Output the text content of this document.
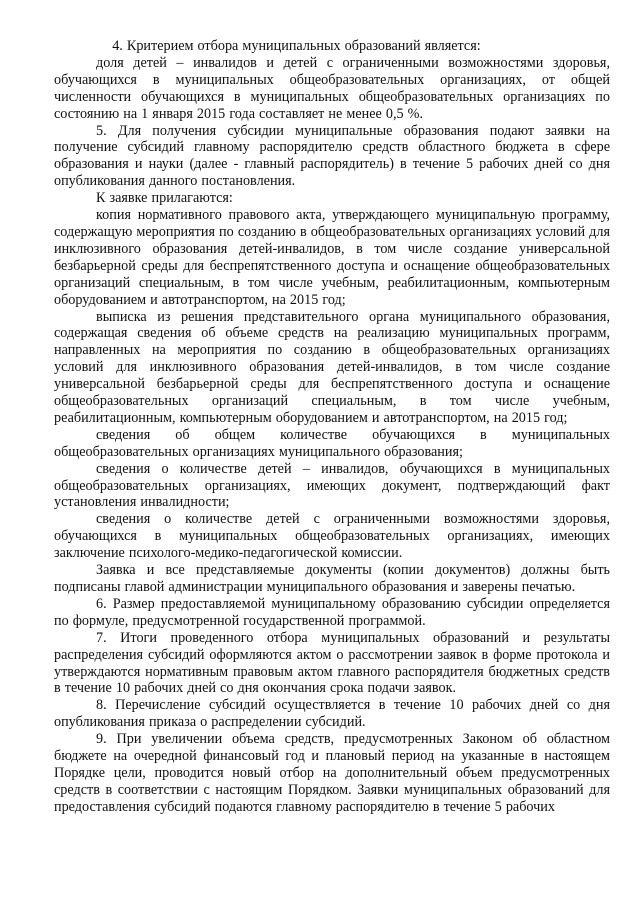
4. Критерием отбора муниципальных образований является:

доля детей – инвалидов и детей с ограниченными возможностями здоровья, обучающихся в муниципальных общеобразовательных организациях, от общей численности обучающихся в муниципальных общеобразовательных организациях по состоянию на 1 января 2015 года составляет не менее 0,5 %.

5. Для получения субсидии муниципальные образования подают заявки на получение субсидий главному распорядителю средств областного бюджета в сфере образования и науки (далее - главный распорядитель) в течение 5 рабочих дней со дня опубликования данного постановления.

К заявке прилагаются:

копия нормативного правового акта, утверждающего муниципальную программу, содержащую мероприятия по созданию в общеобразовательных организациях условий для инклюзивного образования детей-инвалидов, в том числе создание универсальной безбарьерной среды для беспрепятственного доступа и оснащение общеобразовательных организаций специальным, в том числе учебным, реабилитационным, компьютерным оборудованием и автотранспортом, на 2015 год;

выписка из решения представительного органа муниципального образования, содержащая сведения об объеме средств на реализацию муниципальных программ, направленных на мероприятия по созданию в общеобразовательных организациях условий для инклюзивного образования детей-инвалидов, в том числе создание универсальной безбарьерной среды для беспрепятственного доступа и оснащение общеобразовательных организаций специальным, в том числе учебным, реабилитационным, компьютерным оборудованием и автотранспортом, на 2015 год;

сведения об общем количестве обучающихся в муниципальных общеобразовательных организациях муниципального образования;

сведения о количестве детей – инвалидов, обучающихся в муниципальных общеобразовательных организациях, имеющих документ, подтверждающий факт установления инвалидности;

сведения о количестве детей с ограниченными возможностями здоровья, обучающихся в муниципальных общеобразовательных организациях, имеющих заключение психолого-медико-педагогической комиссии.

Заявка и все представляемые документы (копии документов) должны быть подписаны главой администрации муниципального образования и заверены печатью.

6. Размер предоставляемой муниципальному образованию субсидии определяется по формуле, предусмотренной государственной программой.

7. Итоги проведенного отбора муниципальных образований и результаты распределения субсидий оформляются актом о рассмотрении заявок в форме протокола и утверждаются нормативным правовым актом главного распорядителя бюджетных средств в течение 10 рабочих дней со дня окончания срока подачи заявок.

8. Перечисление субсидий осуществляется в течение 10 рабочих дней со дня опубликования приказа о распределении субсидий.

9. При увеличении объема средств, предусмотренных Законом об областном бюджете на очередной финансовый год и плановый период на указанные в настоящем Порядке цели, проводится новый отбор на дополнительный объем предусмотренных средств в соответствии с настоящим Порядком. Заявки муниципальных образований для предоставления субсидий подаются главному распорядителю в течение 5 рабочих
